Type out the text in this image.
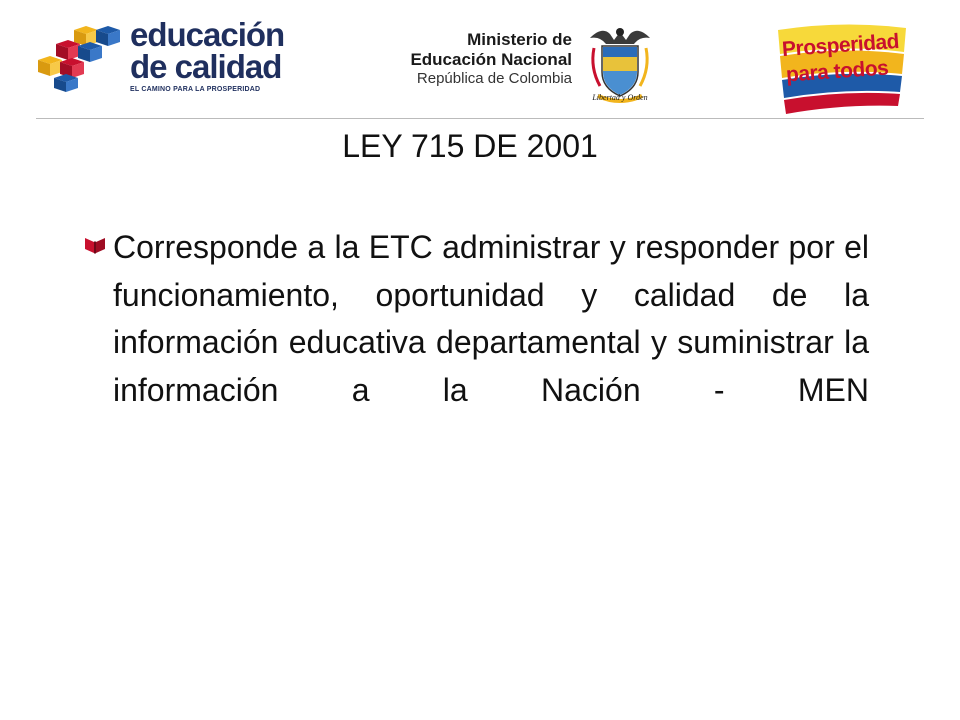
educación
de calidad
EL CAMINO PARA LA PROSPERIDAD
Ministerio de
Educación Nacional
República de Colombia
Libertad y Orden
Prosperidad
para todos
LEY 715 DE 2001
Corresponde a la ETC administrar y responder por el funcionamiento, oportunidad y calidad de la información educativa departamental y suministrar la información a la Nación - MEN
